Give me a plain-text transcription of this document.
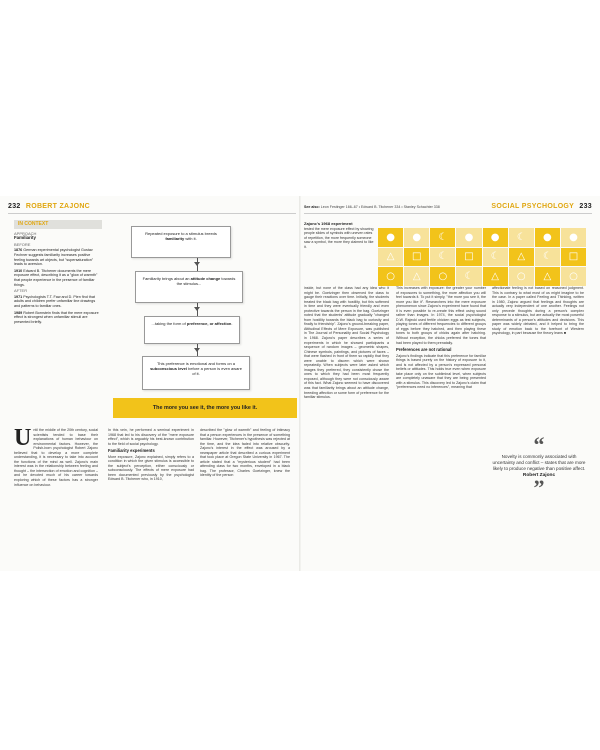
232 ROBERT ZAJONC	SOCIAL PSYCHOLOGY 233
See also: Leon Festinger 166–67 • Edward B. Titchener 334 • Stanley Schachter 338
IN CONTEXT
APPROACH
Familiarity
BEFORE
1876 German experimental psychologist Gustav Fechner suggests familiarity increases positive feeling towards art objects, but "supersaturation" leads to aversion.
1910 Edward B. Titchener documents the mere exposure effect, describing it as a "glow of warmth" that people experience in the presence of familiar things.
AFTER
1971 Psychologists T.T. Faw and D. Pien find that adults and children prefer unfamiliar line drawings and patterns to familiar ones.
1989 Robert Bornstein finds that the mere exposure effect is strongest when unfamiliar stimuli are presented briefly.
Repeated exposure to a stimulus breeds familiarity with it.
Familiarity brings about an attitude change towards the stimulus...
...taking the form of preference, or affection.
This preference is emotional and forms on a subconscious level before a person is even aware of it.
The more you see it, the more you like it.
Until the middle of the 20th century, social scientists tended to base their explanations of human behaviour on environmental factors. However, the Polish-born psychologist Robert Zajonc believed that to develop a more complete understanding, it is necessary to take into account the functions of the mind as well. Zajonc's main interest was in the relationship between feeling and thought – the intersection of emotion and cognition – and he devoted much of his career towards exploring which of these factors has a stronger influence on behaviour.
In this vein, he performed a seminal experiment in 1968 that led to his discovery of the "mere exposure effect", which is arguably his best-known contribution to the field of social psychology.
Familiarity experiments
More exposure, Zajonc explained, simply refers to a condition in which the given stimulus is accessible to the subject's perception, either consciously or subconsciously. The effects of mere exposure had been documented previously by the psychologist Edward B. Titchener who, in 1910,
described the "glow of warmth" and feeling of intimacy that a person experiences in the presence of something familiar. However, Titchener's hypothesis was rejected at the time, and the idea faded into relative obscurity. Zajonc's interest in the effect was aroused by a newspaper article that described a curious experiment that took place at Oregon State University in 1967. The article stated that a "mysterious student" had been attending class for two months, enveloped in a black bag. The professor, Charles Goetzinger, knew the identity of the person
Zajonc's 1968 experiment
tested the mere exposure effect by showing people slides of symbols with uneven rates of repetition, the more frequently someone saw a symbol, the more they claimed to like it.
● ● ☾ ● ● ☾ ● ●
△ □ ☾ □ ☾ △ ☾ □
○ △ ○ ☾ △ ○ △ ○
inside, but none of the class had any idea who it might be. Goetzinger then observed the class to gauge their reactions over time. Initially, the students treated the black bag with hostility, but this softened in time and they were eventually friendly and even protective towards the person in the bag. Goetzinger noted that the students' attitude gradually "changed from hostility towards the black bag to curiosity and finally to friendship". Zajonc's ground-breaking paper, Attitudinal Effects of Mere Exposure, was published in The Journal of Personality and Social Psychology in 1968. Zajonc's paper describes a series of experiments in which he showed participants a sequence of random images – geometric shapes, Chinese symbols, paintings, and pictures of faces – that were flashed in front of them so rapidly that they were unable to discern which were shown repeatedly. When subjects were later asked which images they preferred, they consistently chose the ones to which they had been most frequently exposed, although they were not consciously aware of this fact. What Zajonc seemed to have discovered was that familiarity brings about an attitude change, breeding affection or some form of preference for the familiar stimulus.
This increases with exposure: the greater your number of exposures to something, the more affection you will feel towards it. To put it simply, "the more you see it, the more you like it". Researchers into the mere exposure phenomenon since Zajonc's experiment have found that it is even possible to re-create this effect using sound rather than images. In 1974, the social psychologist D.W. Rajecki used fertile chicken eggs as test subjects, playing tones of different frequencies to different groups of eggs before they hatched, and then playing these tones to both groups of chicks again after hatching. Without exception, the chicks preferred the tones that had been played to them prenatally.
Preferences are not rational
Zajonc's findings indicate that this preference for familiar things is based purely on the history of exposure to it, and is not affected by a person's expressed personal beliefs or attitudes. This holds true even when exposure take place only on the subliminal level, when subjects are completely unaware that they are being presented with a stimulus. This discovery led to Zajonc's claim that "preferences need no inferences", meaning that
affectionate feeling is not based on reasoned judgment. This is contrary to what most of us might imagine to be the case. In a paper called Feeling and Thinking, written in 1980, Zajonc argued that feelings and thoughts are actually very independent of one another. Feelings not only precede thoughts during a person's complex response to a stimulus, but are actually the most powerful determinants of a person's attitudes and decisions. This paper was widely debated, and it helped to bring the study of emotion back to the forefront of Western psychology, in part because the theory leans ■
“
Novelty is commonly associated with uncertainty and conflict – states that are more likely to produce negative than positive affect.
Robert Zajonc
”
